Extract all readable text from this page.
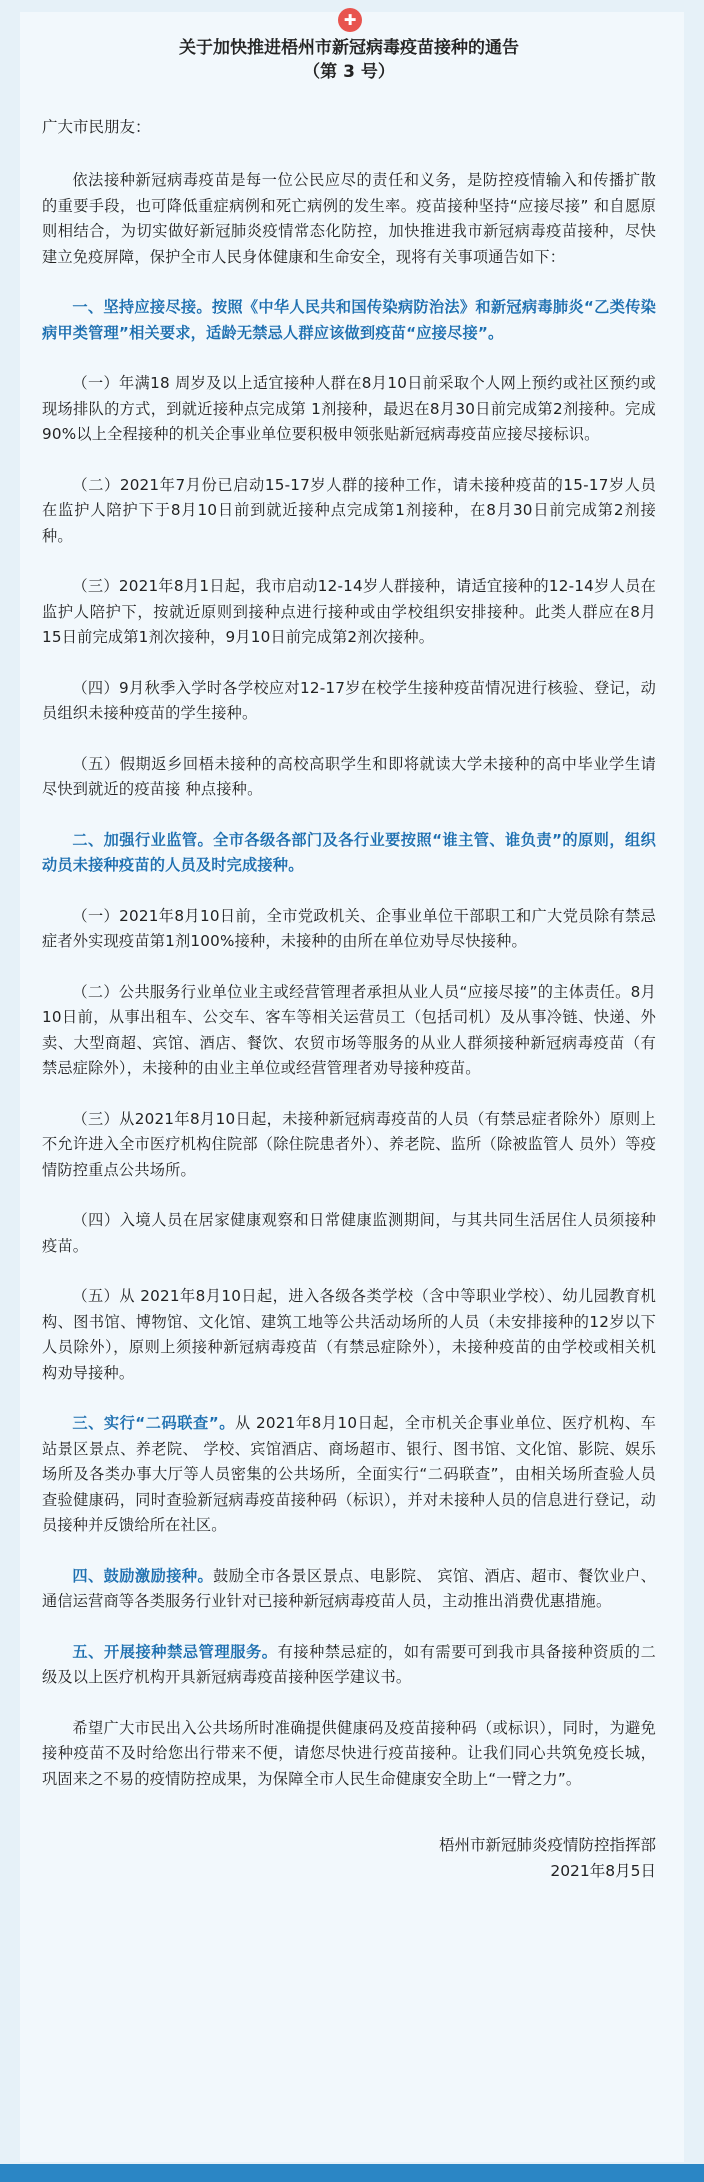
✚

关于加快推进梧州市新冠病毒疫苗接种的通告

（第 3 号）

广大市民朋友：

依法接种新冠病毒疫苗是每一位公民应尽的责任和义务，是防控疫情输入和传播扩散的重要手段，也可降低重症病例和死亡病例的发生率。疫苗接种坚持“应接尽接” 和自愿原则相结合，为切实做好新冠肺炎疫情常态化防控，加快推进我市新冠病毒疫苗接种，尽快建立免疫屏障，保护全市人民身体健康和生命安全，现将有关事项通告如下：

一、坚持应接尽接。按照《中华人民共和国传染病防治法》和新冠病毒肺炎“乙类传染病甲类管理”相关要求，适龄无禁忌人群应该做到疫苗“应接尽接”。

（一）年满18 周岁及以上适宜接种人群在8月10日前采取个人网上预约或社区预约或现场排队的方式，到就近接种点完成第 1剂接种，最迟在8月30日前完成第2剂接种。完成90%以上全程接种的机关企事业单位要积极申领张贴新冠病毒疫苗应接尽接标识。

（二）2021年7月份已启动15-17岁人群的接种工作，请未接种疫苗的15-17岁人员在监护人陪护下于8月10日前到就近接种点完成第1剂接种，在8月30日前完成第2剂接种。

（三）2021年8月1日起，我市启动12-14岁人群接种，请适宜接种的12-14岁人员在监护人陪护下，按就近原则到接种点进行接种或由学校组织安排接种。此类人群应在8月15日前完成第1剂次接种，9月10日前完成第2剂次接种。

（四）9月秋季入学时各学校应对12-17岁在校学生接种疫苗情况进行核验、登记，动员组织未接种疫苗的学生接种。

（五）假期返乡回梧未接种的高校高职学生和即将就读大学未接种的高中毕业学生请尽快到就近的疫苗接 种点接种。

二、加强行业监管。全市各级各部门及各行业要按照“谁主管、谁负责”的原则，组织动员未接种疫苗的人员及时完成接种。

（一）2021年8月10日前，全市党政机关、企事业单位干部职工和广大党员除有禁忌症者外实现疫苗第1剂100%接种，未接种的由所在单位劝导尽快接种。

（二）公共服务行业单位业主或经营管理者承担从业人员“应接尽接”的主体责任。8月10日前，从事出租车、公交车、客车等相关运营员工（包括司机）及从事冷链、快递、外卖、大型商超、宾馆、酒店、餐饮、农贸市场等服务的从业人群须接种新冠病毒疫苗（有禁忌症除外），未接种的由业主单位或经营管理者劝导接种疫苗。

（三）从2021年8月10日起，未接种新冠病毒疫苗的人员（有禁忌症者除外）原则上不允许进入全市医疗机构住院部（除住院患者外）、养老院、监所（除被监管人 员外）等疫情防控重点公共场所。

（四）入境人员在居家健康观察和日常健康监测期间，与其共同生活居住人员须接种疫苗。

（五）从 2021年8月10日起，进入各级各类学校（含中等职业学校）、幼儿园教育机构、图书馆、博物馆、文化馆、建筑工地等公共活动场所的人员（未安排接种的12岁以下人员除外），原则上须接种新冠病毒疫苗（有禁忌症除外），未接种疫苗的由学校或相关机构劝导接种。

三、实行“二码联查”。从 2021年8月10日起，全市机关企事业单位、医疗机构、车站景区景点、养老院、 学校、宾馆酒店、商场超市、银行、图书馆、文化馆、影院、娱乐场所及各类办事大厅等人员密集的公共场所，全面实行“二码联查”，由相关场所查验人员查验健康码，同时查验新冠病毒疫苗接种码（标识），并对未接种人员的信息进行登记，动员接种并反馈给所在社区。

四、鼓励激励接种。鼓励全市各景区景点、电影院、 宾馆、酒店、超市、餐饮业户、通信运营商等各类服务行业针对已接种新冠病毒疫苗人员，主动推出消费优惠措施。

五、开展接种禁忌管理服务。有接种禁忌症的，如有需要可到我市具备接种资质的二级及以上医疗机构开具新冠病毒疫苗接种医学建议书。

希望广大市民出入公共场所时准确提供健康码及疫苗接种码（或标识），同时，为避免接种疫苗不及时给您出行带来不便，请您尽快进行疫苗接种。让我们同心共筑免疫长城，巩固来之不易的疫情防控成果，为保障全市人民生命健康安全助上“一臂之力”。

梧州市新冠肺炎疫情防控指挥部
2021年8月5日
